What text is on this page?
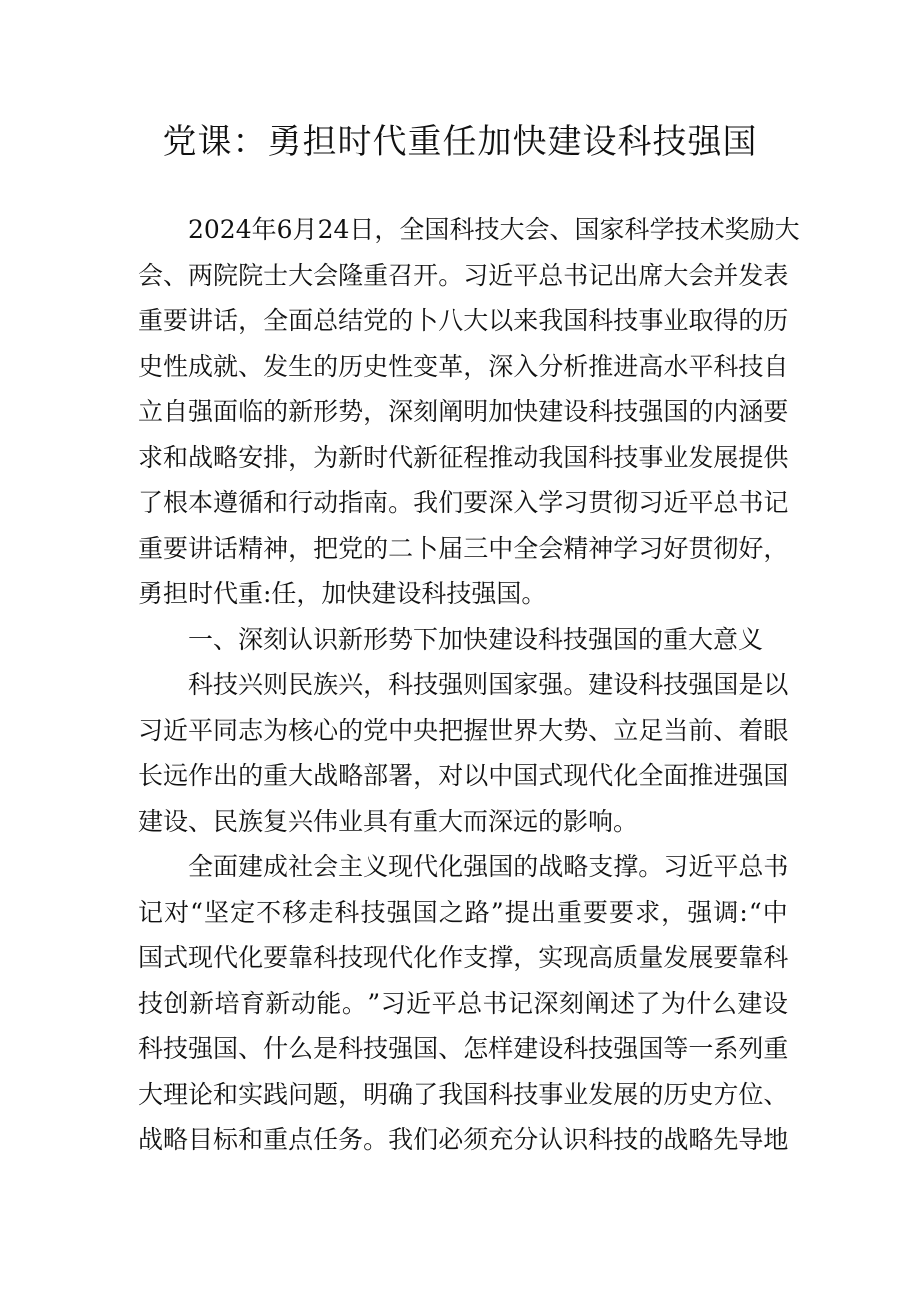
党课：勇担时代重任加快建设科技强国
2024 年 6 月 24 日 ， 全 国 科 技 大 会 、 国 家 科 学 技 术 奖 励 大
会 、 两 院 院 士 大 会 隆 重 召 开 。 习 近 平 总 书 记 出 席 大 会 并 发 表
重 要 讲 话 ， 全 面 总 结 党 的 卜 八 大 以 来 我 国 科 技 事 业 取 得 的 历
史 性 成 就 、 发 生 的 历 史 性 变 革 ， 深 入 分 析 推 进 高 水 平 科 技 自
立 自 强 面 临 的 新 形 势 ， 深 刻 阐 明 加 快 建 设 科 技 强 国 的 内 涵 要
求 和 战 略 安 排 ， 为 新 时 代 新 征 程 推 动 我 国 科 技 事 业 发 展 提 供
了 根 本 遵 循 和 行 动 指 南 。 我 们 要 深 入 学 习 贯 彻 习 近 平 总 书 记
重 要 讲 话 精 神 ， 把 党 的 二 卜 届 三 中 全 会 精 神 学 习 好 贯 彻 好 ，
勇担时代重:任，加快建设科技强国。
一、深刻认识新形势下加快建设科技强国的重大意义
科 技 兴 则 民 族 兴 ， 科 技 强 则 国 家 强 。 建 设 科 技 强 国 是 以
习 近 平 同 志 为 核 心 的 党 中 央 把 握 世 界 大 势 、 立 足 当 前 、 着 眼
长 远 作 出 的 重 大 战 略 部 署 ， 对 以 中 国 式 现 代 化 全 面 推 进 强 国
建设、民族复兴伟业具有重大而深远的影响。
全 面 建 成 社 会 主 义 现 代 化 强 国 的 战 略 支 撑 。 习 近 平 总 书
记 对 “ 坚 定 不 移 走 科 技 强 国 之 路 ” 提 出 重 要 要 求 ， 强 调 : “ 中
国 式 现 代 化 要 靠 科 技 现 代 化 作 支 撑 ， 实 现 高 质 量 发 展 要 靠 科
技 创 新 培 育 新 动 能 。 ” 习 近 平 总 书 记 深 刻 阐 述 了 为 什 么 建 设
科 技 强 国 、 什 么 是 科 技 强 国 、 怎 样 建 设 科 技 强 国 等 一 系 列 重
大 理 论 和 实 践 问 题 ， 明 确 了 我 国 科 技 事 业 发 展 的 历 史 方 位 、
战 略 目 标 和 重 点 任 务 。 我 们 必 须 充 分 认 识 科 技 的 战 略 先 导 地
